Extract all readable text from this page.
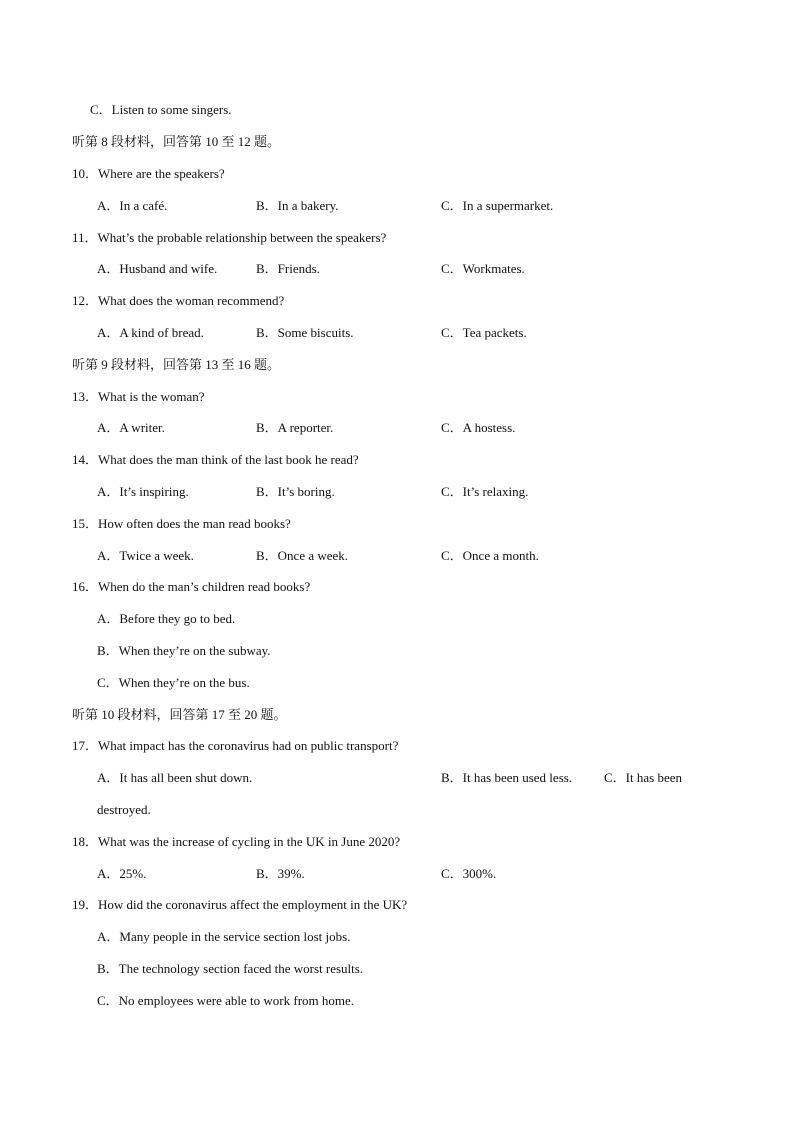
C．Listen to some singers.
听第 8 段材料，回答第 10 至 12 题。
10．Where are the speakers?
A．In a café.	B．In a bakery.	C．In a supermarket.
11．What’s the probable relationship between the speakers?
A．Husband and wife.	B．Friends.	C．Workmates.
12．What does the woman recommend?
A．A kind of bread.	B．Some biscuits.	C．Tea packets.
听第 9 段材料，回答第 13 至 16 题。
13．What is the woman?
A．A writer.	B．A reporter.	C．A hostess.
14．What does the man think of the last book he read?
A．It’s inspiring.	B．It’s boring.	C．It’s relaxing.
15．How often does the man read books?
A．Twice a week.	B．Once a week.	C．Once a month.
16．When do the man’s children read books?
A．Before they go to bed.
B．When they’re on the subway.
C．When they’re on the bus.
听第 10 段材料，回答第 17 至 20 题。
17．What impact has the coronavirus had on public transport?
A．It has all been shut down.	B．It has been used less. C．It has been
destroyed.
18．What was the increase of cycling in the UK in June 2020?
A．25%.	B．39%.	C．300%.
19．How did the coronavirus affect the employment in the UK?
A．Many people in the service section lost jobs.
B．The technology section faced the worst results.
C．No employees were able to work from home.
